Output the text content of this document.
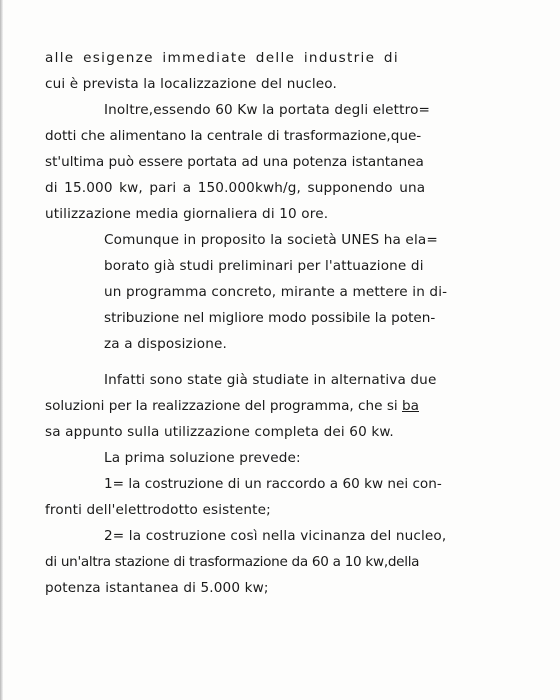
alle esigenze immediate delle industrie di
cui è prevista la localizzazione del nucleo.
Inoltre,essendo 60 Kw la portata degli elettro=
dotti che alimentano la centrale di trasformazione,que-
st'ultima può essere portata ad una potenza istantanea
di 15.000 kw, pari a 150.000kwh/g, supponendo una
utilizzazione media giornaliera di 10 ore.
Comunque in proposito la società UNES ha ela=
borato già studi preliminari per l'attuazione di
un programma concreto, mirante a mettere in di-
stribuzione nel migliore modo possibile la poten-
za a disposizione.
Infatti sono state già studiate in alternativa due
soluzioni per la realizzazione del programma, che si ba
sa appunto sulla utilizzazione completa dei 60 kw.
La prima soluzione prevede:
1= la costruzione di un raccordo a 60 kw nei con-
fronti dell'elettrodotto esistente;
2= la costruzione così nella vicinanza del nucleo,
di un'altra stazione di trasformazione da 60 a 10 kw,della
potenza istantanea di 5.000 kw;
